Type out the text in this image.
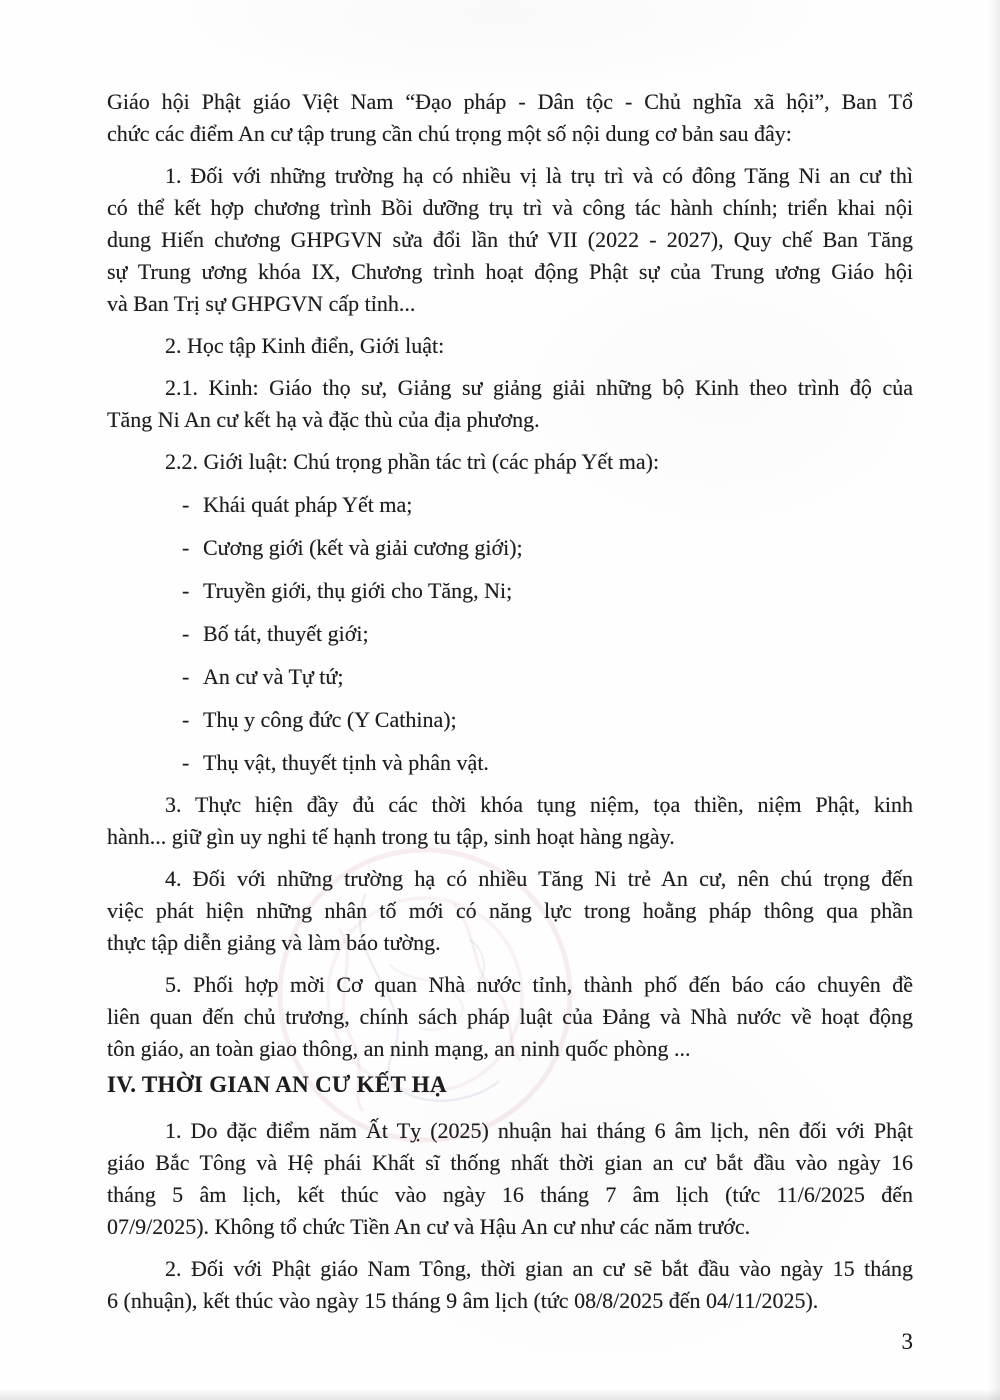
Giáo hội Phật giáo Việt Nam “Đạo pháp - Dân tộc - Chủ nghĩa xã hội”, Ban Tổ
chức các điểm An cư tập trung cần chú trọng một số nội dung cơ bản sau đây:
1. Đối với những trường hạ có nhiều vị là trụ trì và có đông Tăng Ni an cư thì
có thể kết hợp chương trình Bồi dưỡng trụ trì và công tác hành chính; triển khai nội
dung Hiến chương GHPGVN sửa đổi lần thứ VII (2022 - 2027), Quy chế Ban Tăng
sự Trung ương khóa IX, Chương trình hoạt động Phật sự của Trung ương Giáo hội
và Ban Trị sự GHPGVN cấp tỉnh...
2. Học tập Kinh điển, Giới luật:
2.1. Kinh: Giáo thọ sư, Giảng sư giảng giải những bộ Kinh theo trình độ của
Tăng Ni An cư kết hạ và đặc thù của địa phương.
2.2. Giới luật: Chú trọng phần tác trì (các pháp Yết ma):
- Khái quát pháp Yết ma;
- Cương giới (kết và giải cương giới);
- Truyền giới, thụ giới cho Tăng, Ni;
- Bố tát, thuyết giới;
- An cư và Tự tứ;
- Thụ y công đức (Y Cathina);
- Thụ vật, thuyết tịnh và phân vật.
3. Thực hiện đầy đủ các thời khóa tụng niệm, tọa thiền, niệm Phật, kinh
hành... giữ gìn uy nghi tế hạnh trong tu tập, sinh hoạt hàng ngày.
4. Đối với những trường hạ có nhiều Tăng Ni trẻ An cư, nên chú trọng đến
việc phát hiện những nhân tố mới có năng lực trong hoằng pháp thông qua phần
thực tập diễn giảng và làm báo tường.
5. Phối hợp mời Cơ quan Nhà nước tỉnh, thành phố đến báo cáo chuyên đề
liên quan đến chủ trương, chính sách pháp luật của Đảng và Nhà nước về hoạt động
tôn giáo, an toàn giao thông, an ninh mạng, an ninh quốc phòng ...
IV. THỜI GIAN AN CƯ KẾT HẠ
1. Do đặc điểm năm Ất Tỵ (2025) nhuận hai tháng 6 âm lịch, nên đối với Phật
giáo Bắc Tông và Hệ phái Khất sĩ thống nhất thời gian an cư bắt đầu vào ngày 16
tháng 5 âm lịch, kết thúc vào ngày 16 tháng 7 âm lịch (tức 11/6/2025 đến
07/9/2025). Không tổ chức Tiền An cư và Hậu An cư như các năm trước.
2. Đối với Phật giáo Nam Tông, thời gian an cư sẽ bắt đầu vào ngày 15 tháng
6 (nhuận), kết thúc vào ngày 15 tháng 9 âm lịch (tức 08/8/2025 đến 04/11/2025).
3
